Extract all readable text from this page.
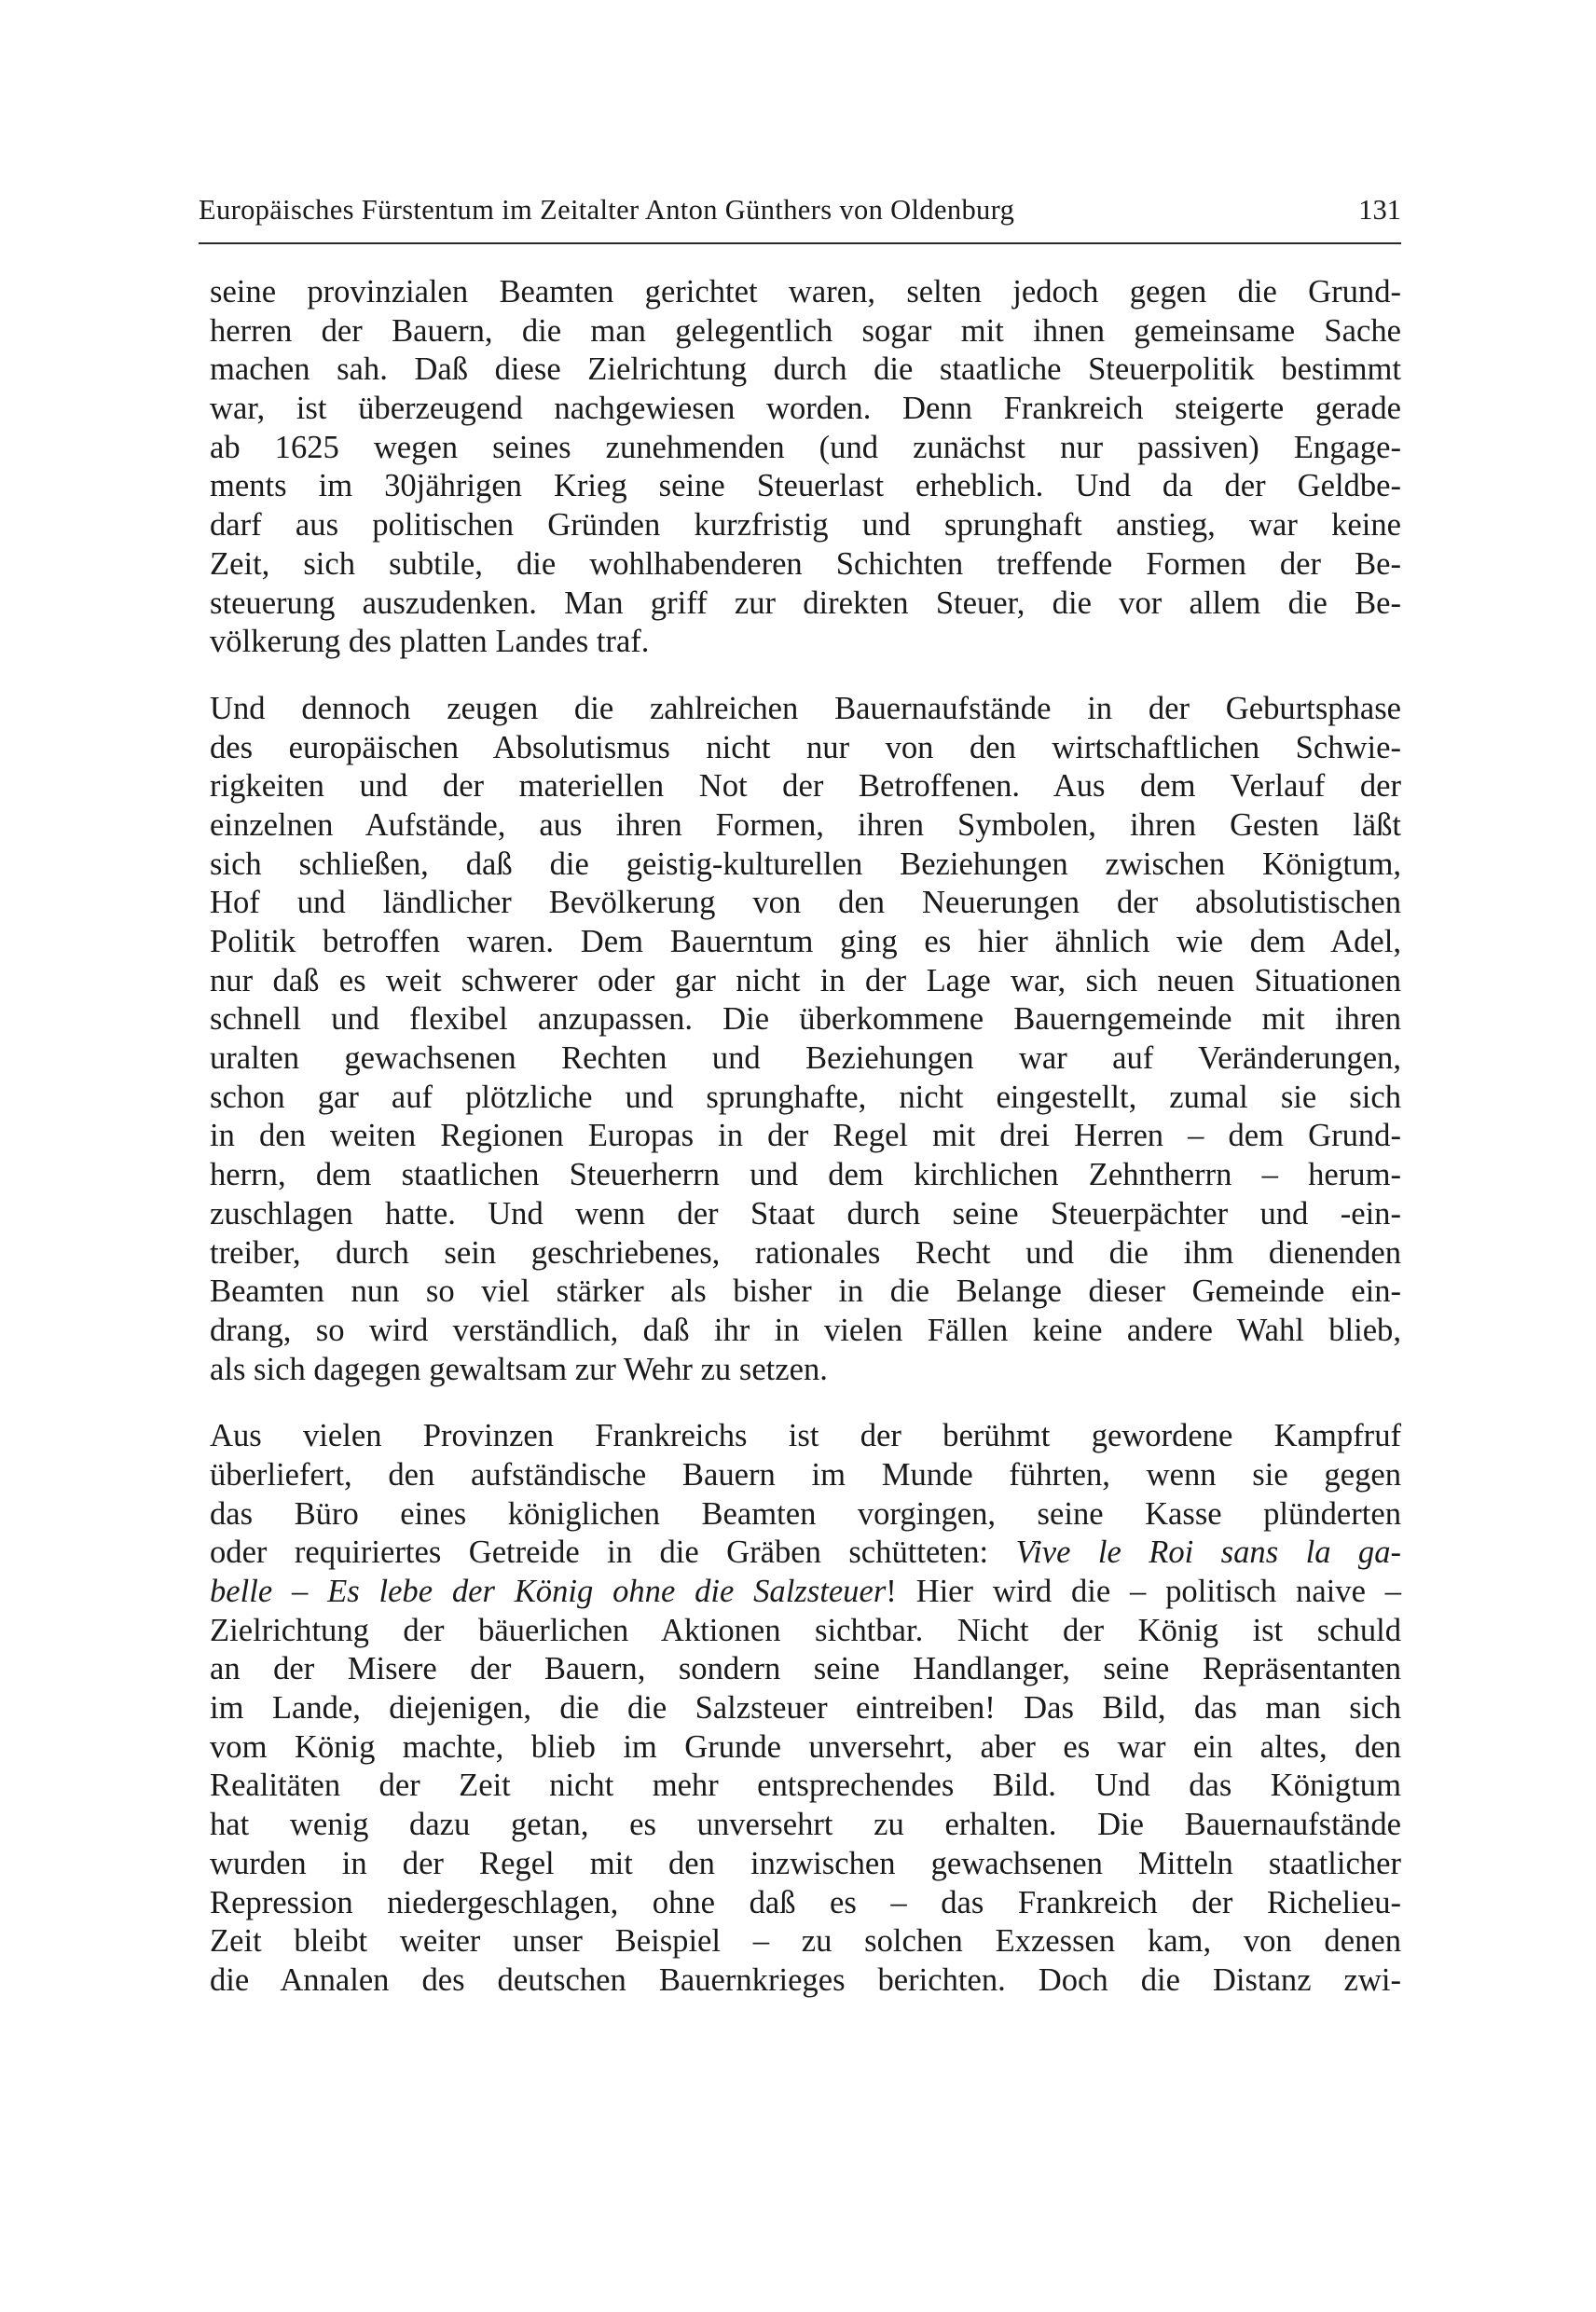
Europäisches Fürstentum im Zeitalter Anton Günthers von Oldenburg	131

seine provinzialen Beamten gerichtet waren, selten jedoch gegen die Grund-
herren der Bauern, die man gelegentlich sogar mit ihnen gemeinsame Sache
machen sah. Daß diese Zielrichtung durch die staatliche Steuerpolitik bestimmt
war, ist überzeugend nachgewiesen worden. Denn Frankreich steigerte gerade
ab 1625 wegen seines zunehmenden (und zunächst nur passiven) Engage-
ments im 30jährigen Krieg seine Steuerlast erheblich. Und da der Geldbe-
darf aus politischen Gründen kurzfristig und sprunghaft anstieg, war keine
Zeit, sich subtile, die wohlhabenderen Schichten treffende Formen der Be-
steuerung auszudenken. Man griff zur direkten Steuer, die vor allem die Be-
völkerung des platten Landes traf.

Und dennoch zeugen die zahlreichen Bauernaufstände in der Geburtsphase
des europäischen Absolutismus nicht nur von den wirtschaftlichen Schwie-
rigkeiten und der materiellen Not der Betroffenen. Aus dem Verlauf der
einzelnen Aufstände, aus ihren Formen, ihren Symbolen, ihren Gesten läßt
sich schließen, daß die geistig-kulturellen Beziehungen zwischen Königtum,
Hof und ländlicher Bevölkerung von den Neuerungen der absolutistischen
Politik betroffen waren. Dem Bauerntum ging es hier ähnlich wie dem Adel,
nur daß es weit schwerer oder gar nicht in der Lage war, sich neuen Situationen
schnell und flexibel anzupassen. Die überkommene Bauerngemeinde mit ihren
uralten gewachsenen Rechten und Beziehungen war auf Veränderungen,
schon gar auf plötzliche und sprunghafte, nicht eingestellt, zumal sie sich
in den weiten Regionen Europas in der Regel mit drei Herren – dem Grund-
herrn, dem staatlichen Steuerherrn und dem kirchlichen Zehntherrn – herum-
zuschlagen hatte. Und wenn der Staat durch seine Steuerpächter und -ein-
treiber, durch sein geschriebenes, rationales Recht und die ihm dienenden
Beamten nun so viel stärker als bisher in die Belange dieser Gemeinde ein-
drang, so wird verständlich, daß ihr in vielen Fällen keine andere Wahl blieb,
als sich dagegen gewaltsam zur Wehr zu setzen.

Aus vielen Provinzen Frankreichs ist der berühmt gewordene Kampfruf
überliefert, den aufständische Bauern im Munde führten, wenn sie gegen
das Büro eines königlichen Beamten vorgingen, seine Kasse plünderten
oder requiriertes Getreide in die Gräben schütteten: Vive le Roi sans la ga-
belle – Es lebe der König ohne die Salzsteuer! Hier wird die – politisch naive –
Zielrichtung der bäuerlichen Aktionen sichtbar. Nicht der König ist schuld
an der Misere der Bauern, sondern seine Handlanger, seine Repräsentanten
im Lande, diejenigen, die die Salzsteuer eintreiben! Das Bild, das man sich
vom König machte, blieb im Grunde unversehrt, aber es war ein altes, den
Realitäten der Zeit nicht mehr entsprechendes Bild. Und das Königtum
hat wenig dazu getan, es unversehrt zu erhalten. Die Bauernaufstände
wurden in der Regel mit den inzwischen gewachsenen Mitteln staatlicher
Repression niedergeschlagen, ohne daß es – das Frankreich der Richelieu-
Zeit bleibt weiter unser Beispiel – zu solchen Exzessen kam, von denen
die Annalen des deutschen Bauernkrieges berichten. Doch die Distanz zwi-
